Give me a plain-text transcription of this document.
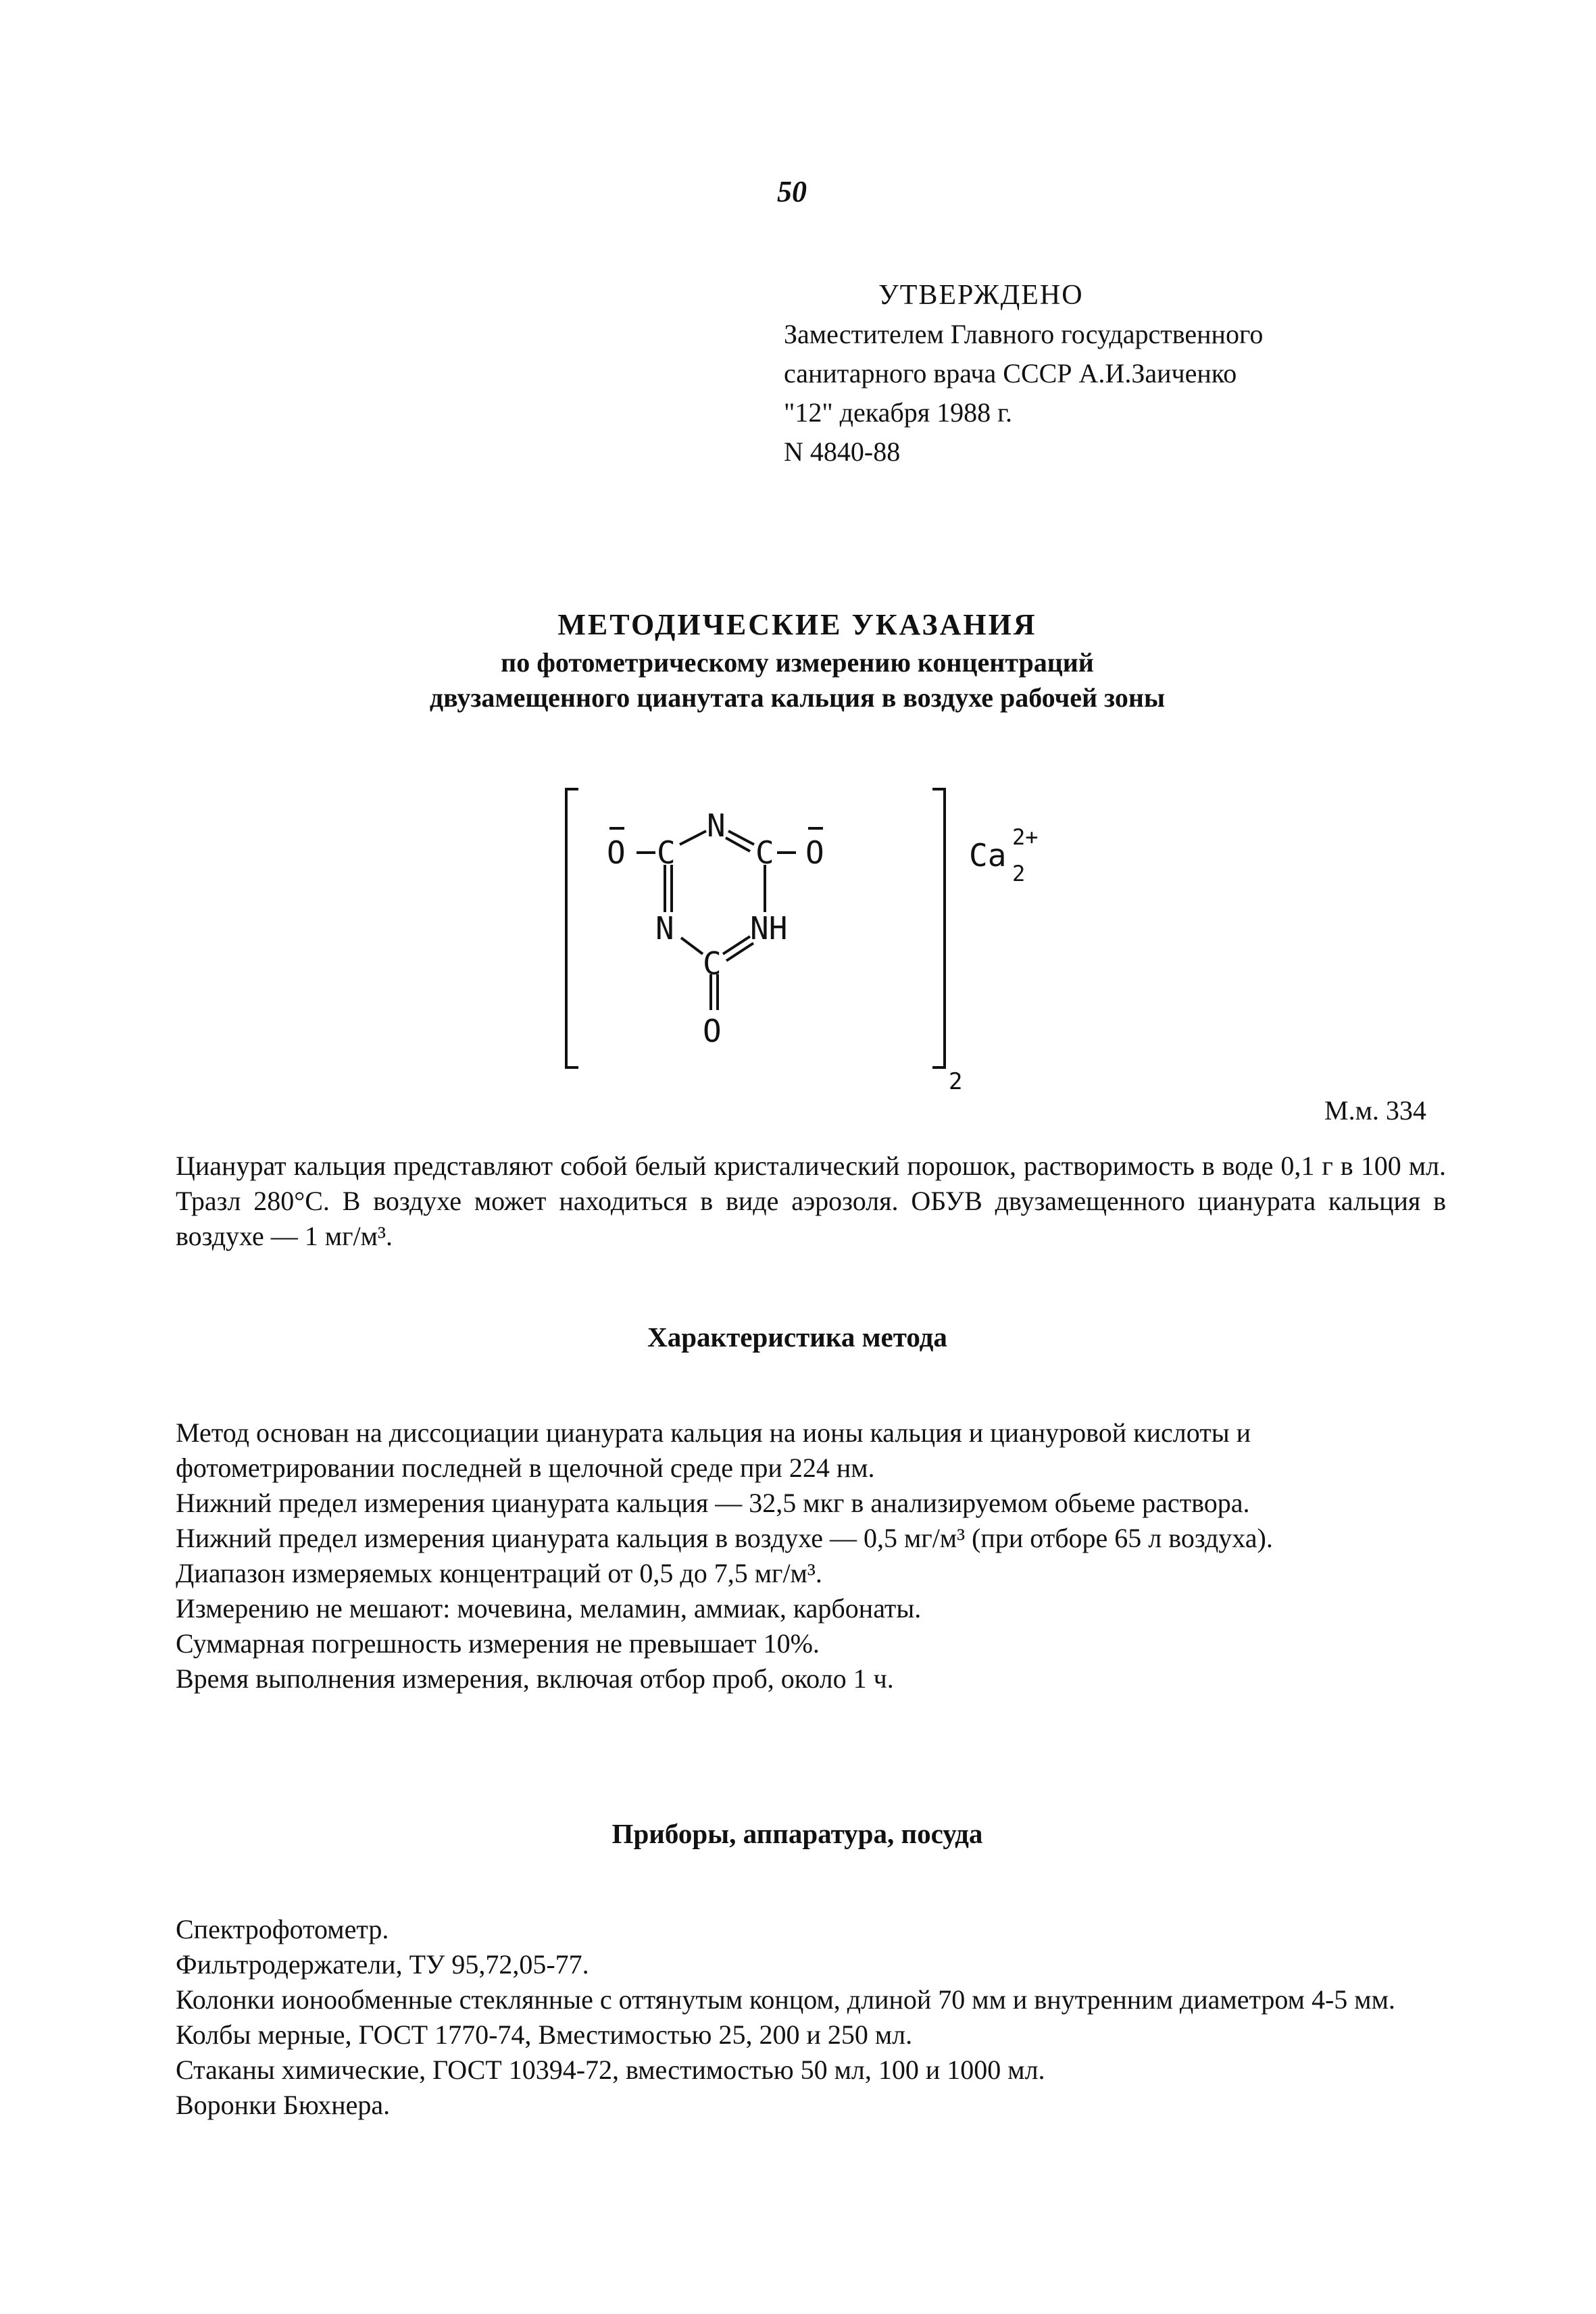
50
УТВЕРЖДЕНО
Заместителем Главного государственного
санитарного врача СССР А.И.Заиченко
"12" декабря 1988 г.
N 4840-88
МЕТОДИЧЕСКИЕ УКАЗАНИЯ
по фотометрическому измерению концентраций
двузамещенного цианутата кальция в воздухе рабочей зоны
O C
N
C O
N NH
C
O
2
Ca 2
2+
М.м. 334

Цианурат кальция представляют собой белый кристалический порошок, растворимость в воде 0,1 г в 100 мл. Тразл 280°С. В воздухе может находиться в виде аэрозоля. ОБУВ двузамещенного цианурата кальция в воздухе — 1 мг/м³.

Характеристика метода
Метод основан на диссоциации цианурата кальция на ионы кальция и циануровой кислоты и фотометрировании последней в щелочной среде при 224 нм.
Нижний предел измерения цианурата кальция — 32,5 мкг в анализируемом обьеме раствора.
Нижний предел измерения цианурата кальция в воздухе — 0,5 мг/м³ (при отборе 65 л воздуха).
Диапазон измеряемых концентраций от 0,5 до 7,5 мг/м³.
Измерению не мешают: мочевина, меламин, аммиак, карбонаты.
Суммарная погрешность измерения не превышает 10%.
Время выполнения измерения, включая отбор проб, около 1 ч.
Приборы, аппаратура, посуда
Спектрофотометр.
Фильтродержатели, ТУ 95,72,05-77.
Колонки ионообменные стеклянные с оттянутым концом, длиной 70 мм и внутренним диаметром 4-5 мм.
Колбы мерные, ГОСТ 1770-74, Вместимостью 25, 200 и 250 мл.
Стаканы химические, ГОСТ 10394-72, вместимостью 50 мл, 100 и 1000 мл.
Воронки Бюхнера.
